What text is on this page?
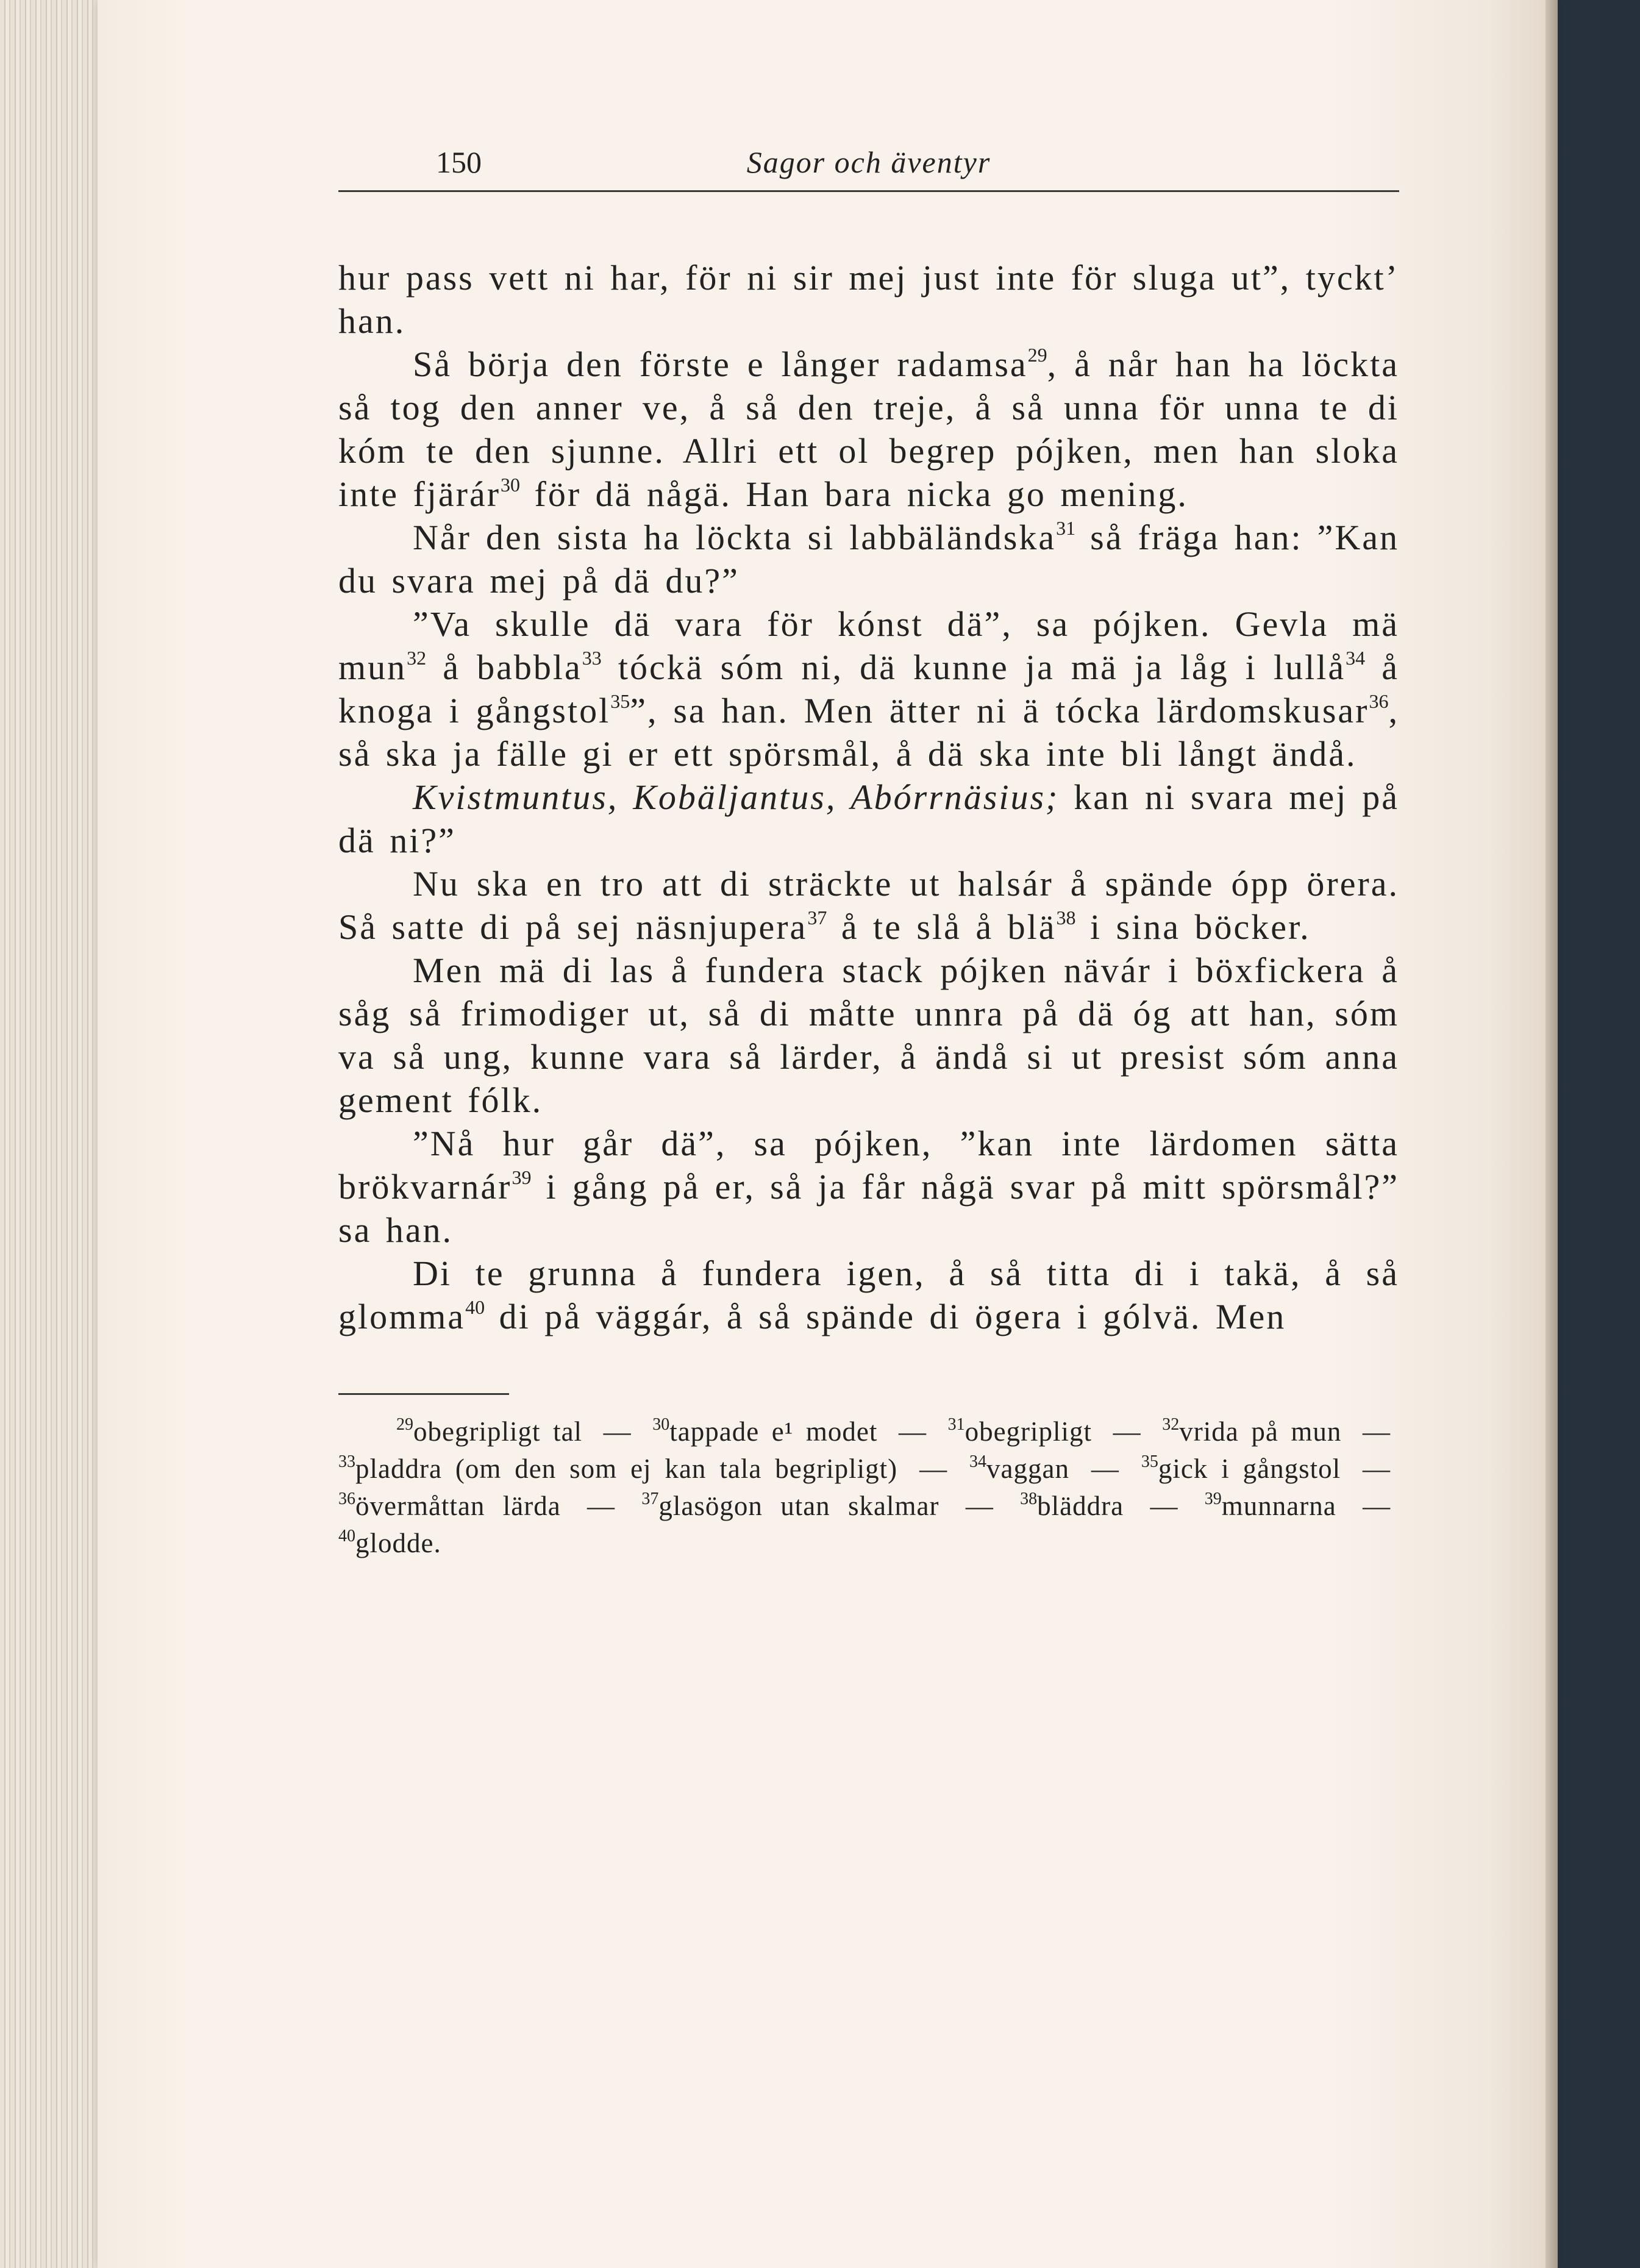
150	Sagor och äventyr

hur pass vett ni har, för ni sir mej just inte för sluga ut”, tyckt’ han.

Så börja den förste e långer radamsa$^{29}$, å når han ha löckta så tog den anner ve, å så den treje, å så unna för unna te di kóm te den sjunne. Allri ett ol begrep pójken, men han sloka inte fjärár$^{30}$ för dä någä. Han bara nicka go mening.

Når den sista ha löckta si labbäländska$^{31}$ så fräga han: ”Kan du svara mej på dä du?”

”Va skulle dä vara för kónst dä”, sa pójken. Gevla mä mun$^{32}$ å babbla$^{33}$ tóckä sóm ni, dä kunne ja mä ja låg i lullå$^{34}$ å knoga i gångstol$^{35}$”, sa han. Men ätter ni ä tócka lärdomskusar$^{36}$, så ska ja fälle gi er ett spörsmål, å dä ska inte bli långt ändå.

Kvistmuntus, Kobäljantus, Abórrnäsius; kan ni svara mej på dä ni?”

Nu ska en tro att di sträckte ut halsár å spände ópp örera. Så satte di på sej näsnjupera$^{37}$ å te slå å blä$^{38}$ i sina böcker.

Men mä di las å fundera stack pójken nävár i böxfickera å såg så frimodiger ut, så di måtte unnra på dä óg att han, sóm va så ung, kunne vara så lärder, å ändå si ut presist sóm anna gement fólk.

”Nå hur går dä”, sa pójken, ”kan inte lärdomen sätta brökvarnár$^{39}$ i gång på er, så ja får någä svar på mitt spörsmål?” sa han.

Di te grunna å fundera igen, å så titta di i takä, å så glomma$^{40}$ di på väggár, å så spände di ögera i gólvä. Men

$^{29}$obegripligt tal — $^{30}$tappade e¹ modet — $^{31}$obegripligt — $^{32}$vrida på mun — $^{33}$pladdra (om den som ej kan tala begripligt) — $^{34}$vaggan — $^{35}$gick i gångstol — $^{36}$övermåttan lärda — $^{37}$glasögon utan skalmar — $^{38}$bläddra — $^{39}$munnarna — $^{40}$glodde.
